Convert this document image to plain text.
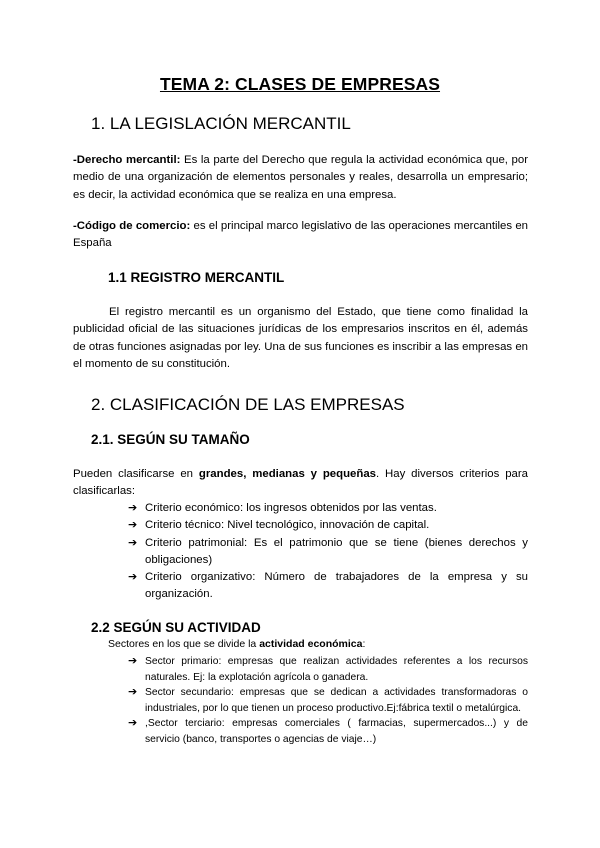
TEMA 2: CLASES DE EMPRESAS
1. LA LEGISLACIÓN MERCANTIL

-Derecho mercantil: Es la parte del Derecho que regula la actividad económica que, por medio de una organización de elementos personales y reales, desarrolla un empresario; es decir, la actividad económica que se realiza en una empresa.

-Código de comercio: es el principal marco legislativo de las operaciones mercantiles en España

1.1 REGISTRO MERCANTIL

El registro mercantil es un organismo del Estado, que tiene como finalidad la publicidad oficial de las situaciones jurídicas de los empresarios inscritos en él, además de otras funciones asignadas por ley. Una de sus funciones es inscribir a las empresas en el momento de su constitución.

2. CLASIFICACIÓN DE LAS EMPRESAS
2.1. SEGÚN SU TAMAÑO

Pueden clasificarse en grandes, medianas y pequeñas. Hay diversos criterios para clasificarlas:

➔ Criterio económico: los ingresos obtenidos por las ventas.
➔ Criterio técnico: Nivel tecnológico, innovación de capital.
➔ Criterio patrimonial: Es el patrimonio que se tiene (bienes derechos y obligaciones)
➔ Criterio organizativo: Número de trabajadores de la empresa y su organización.
2.2 SEGÚN SU ACTIVIDAD

Sectores en los que se divide la actividad económica:

➔ Sector primario: empresas que realizan actividades referentes a los recursos naturales. Ej: la explotación agrícola o ganadera.
➔ Sector secundario: empresas que se dedican a actividades transformadoras o industriales, por lo que tienen un proceso productivo.Ej:fábrica textil o metalúrgica.
➔ ,Sector terciario: empresas comerciales ( farmacias, supermercados...) y de servicio (banco, transportes o agencias de viaje…)
